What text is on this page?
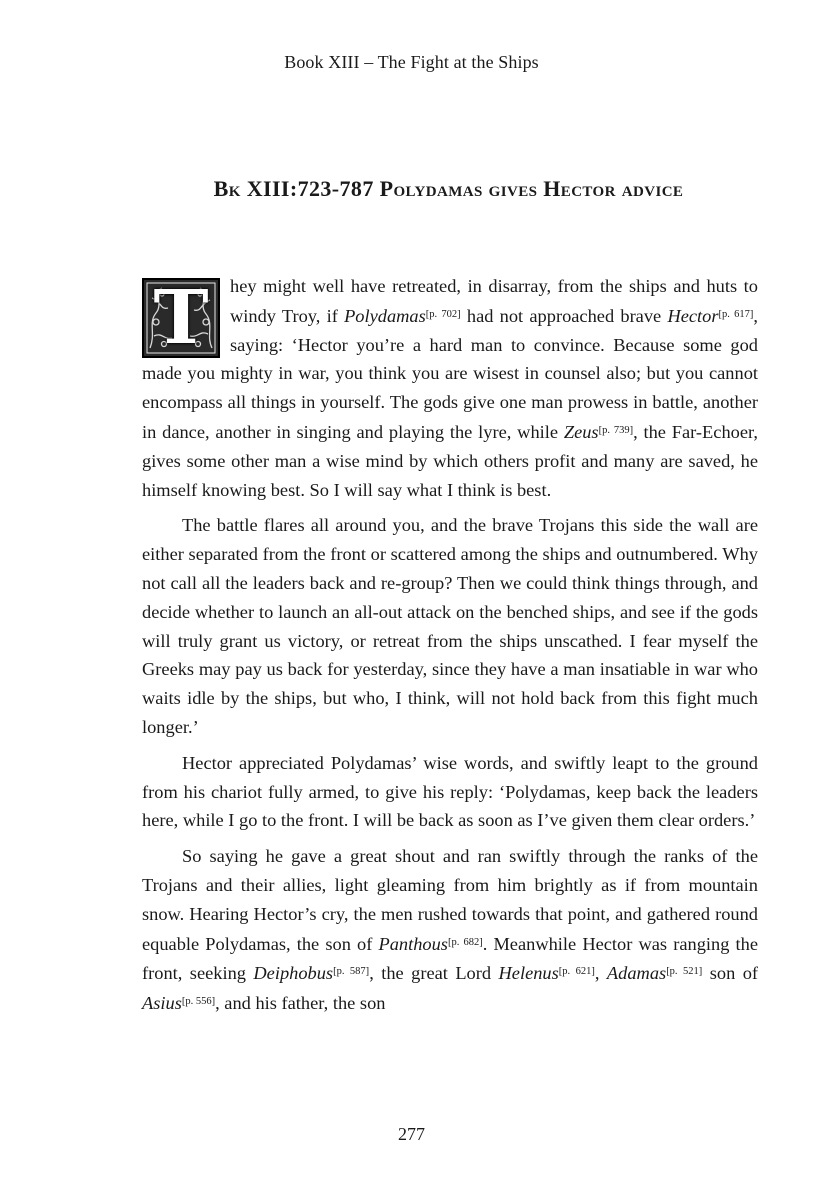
Book XIII – The Fight at the Ships
Bk XIII:723-787 Polydamas gives Hector advice
T	hey might well have retreated, in disarray, from the ships and huts to windy Troy, if Polydamas[p. 702] had not approached brave Hector[p. 617], saying: ‘Hector you’re a hard man to convince. Because some god made you mighty in war, you think you are wisest in counsel also; but you cannot encompass all things in yourself. The gods give one man prowess in battle, another in dance, another in singing and playing the lyre, while Zeus[p. 739], the Far-Echoer, gives some other man a wise mind by which others profit and many are saved, he himself knowing best. So I will say what I think is best.

The battle flares all around you, and the brave Trojans this side the wall are either separated from the front or scattered among the ships and outnumbered. Why not call all the leaders back and re-group? Then we could think things through, and decide whether to launch an all-out attack on the benched ships, and see if the gods will truly grant us victory, or retreat from the ships unscathed. I fear myself the Greeks may pay us back for yesterday, since they have a man insatiable in war who waits idle by the ships, but who, I think, will not hold back from this fight much longer.’

Hector appreciated Polydamas’ wise words, and swiftly leapt to the ground from his chariot fully armed, to give his reply: ‘Polydamas, keep back the leaders here, while I go to the front. I will be back as soon as I’ve given them clear orders.’

So saying he gave a great shout and ran swiftly through the ranks of the Trojans and their allies, light gleaming from him brightly as if from mountain snow. Hearing Hector’s cry, the men rushed towards that point, and gathered round equable Polydamas, the son of Panthous[p. 682]. Meanwhile Hector was ranging the front, seeking Deiphobus[p. 587], the great Lord Helenus[p. 621], Adamas[p. 521] son of Asius[p. 556], and his father, the son

277
